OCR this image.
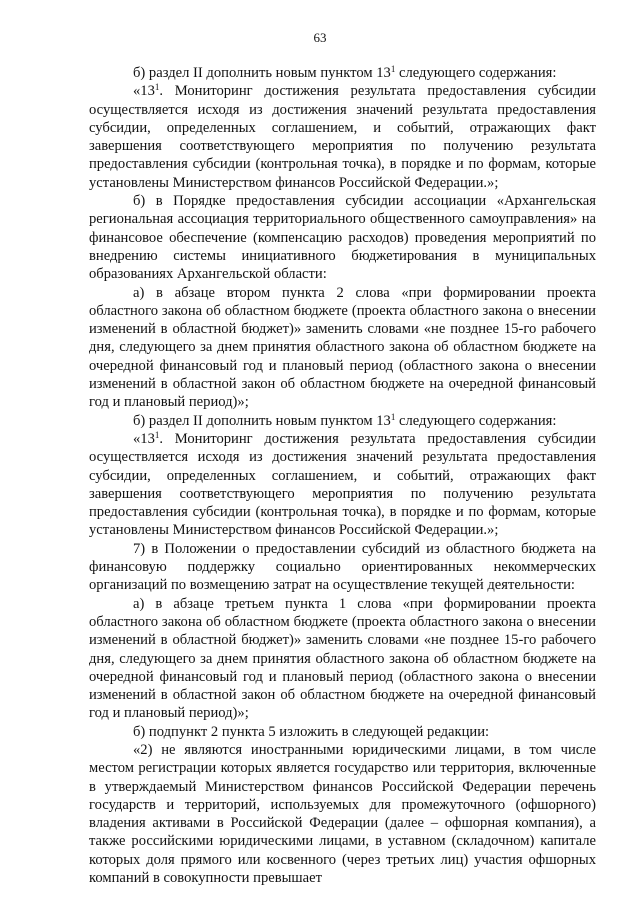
63

б) раздел II дополнить новым пунктом $13^1$ следующего содержания:

«$13^1$. Мониторинг достижения результата предоставления субсидии осуществляется исходя из достижения значений результата предоставления субсидии, определенных соглашением, и событий, отражающих факт завершения соответствующего мероприятия по получению результата предоставления субсидии (контрольная точка), в порядке и по формам, которые установлены Министерством финансов Российской Федерации.»;

б) в Порядке предоставления субсидии ассоциации «Архангельская региональная ассоциация территориального общественного самоуправления» на финансовое обеспечение (компенсацию расходов) проведения мероприятий по внедрению системы инициативного бюджетирования в муниципальных образованиях Архангельской области:

а) в абзаце втором пункта 2 слова «при формировании проекта областного закона об областном бюджете (проекта областного закона о внесении изменений в областной бюджет)» заменить словами «не позднее 15-го рабочего дня, следующего за днем принятия областного закона об областном бюджете на очередной финансовый год и плановый период (областного закона о внесении изменений в областной закон об областном бюджете на очередной финансовый год и плановый период)»;

б) раздел II дополнить новым пунктом $13^1$ следующего содержания:

«$13^1$. Мониторинг достижения результата предоставления субсидии осуществляется исходя из достижения значений результата предоставления субсидии, определенных соглашением, и событий, отражающих факт завершения соответствующего мероприятия по получению результата предоставления субсидии (контрольная точка), в порядке и по формам, которые установлены Министерством финансов Российской Федерации.»;

7) в Положении о предоставлении субсидий из областного бюджета на финансовую поддержку социально ориентированных некоммерческих организаций по возмещению затрат на осуществление текущей деятельности:

а) в абзаце третьем пункта 1 слова «при формировании проекта областного закона об областном бюджете (проекта областного закона о внесении изменений в областной бюджет)» заменить словами «не позднее 15-го рабочего дня, следующего за днем принятия областного закона об областном бюджете на очередной финансовый год и плановый период (областного закона о внесении изменений в областной закон об областном бюджете на очередной финансовый год и плановый период)»;

б) подпункт 2 пункта 5 изложить в следующей редакции:

«2) не являются иностранными юридическими лицами, в том числе местом регистрации которых является государство или территория, включенные в утверждаемый Министерством финансов Российской Федерации перечень государств и территорий, используемых для промежуточного (офшорного) владения активами в Российской Федерации (далее – офшорная компания), а также российскими юридическими лицами, в уставном (складочном) капитале которых доля прямого или косвенного (через третьих лиц) участия офшорных компаний в совокупности превышает
